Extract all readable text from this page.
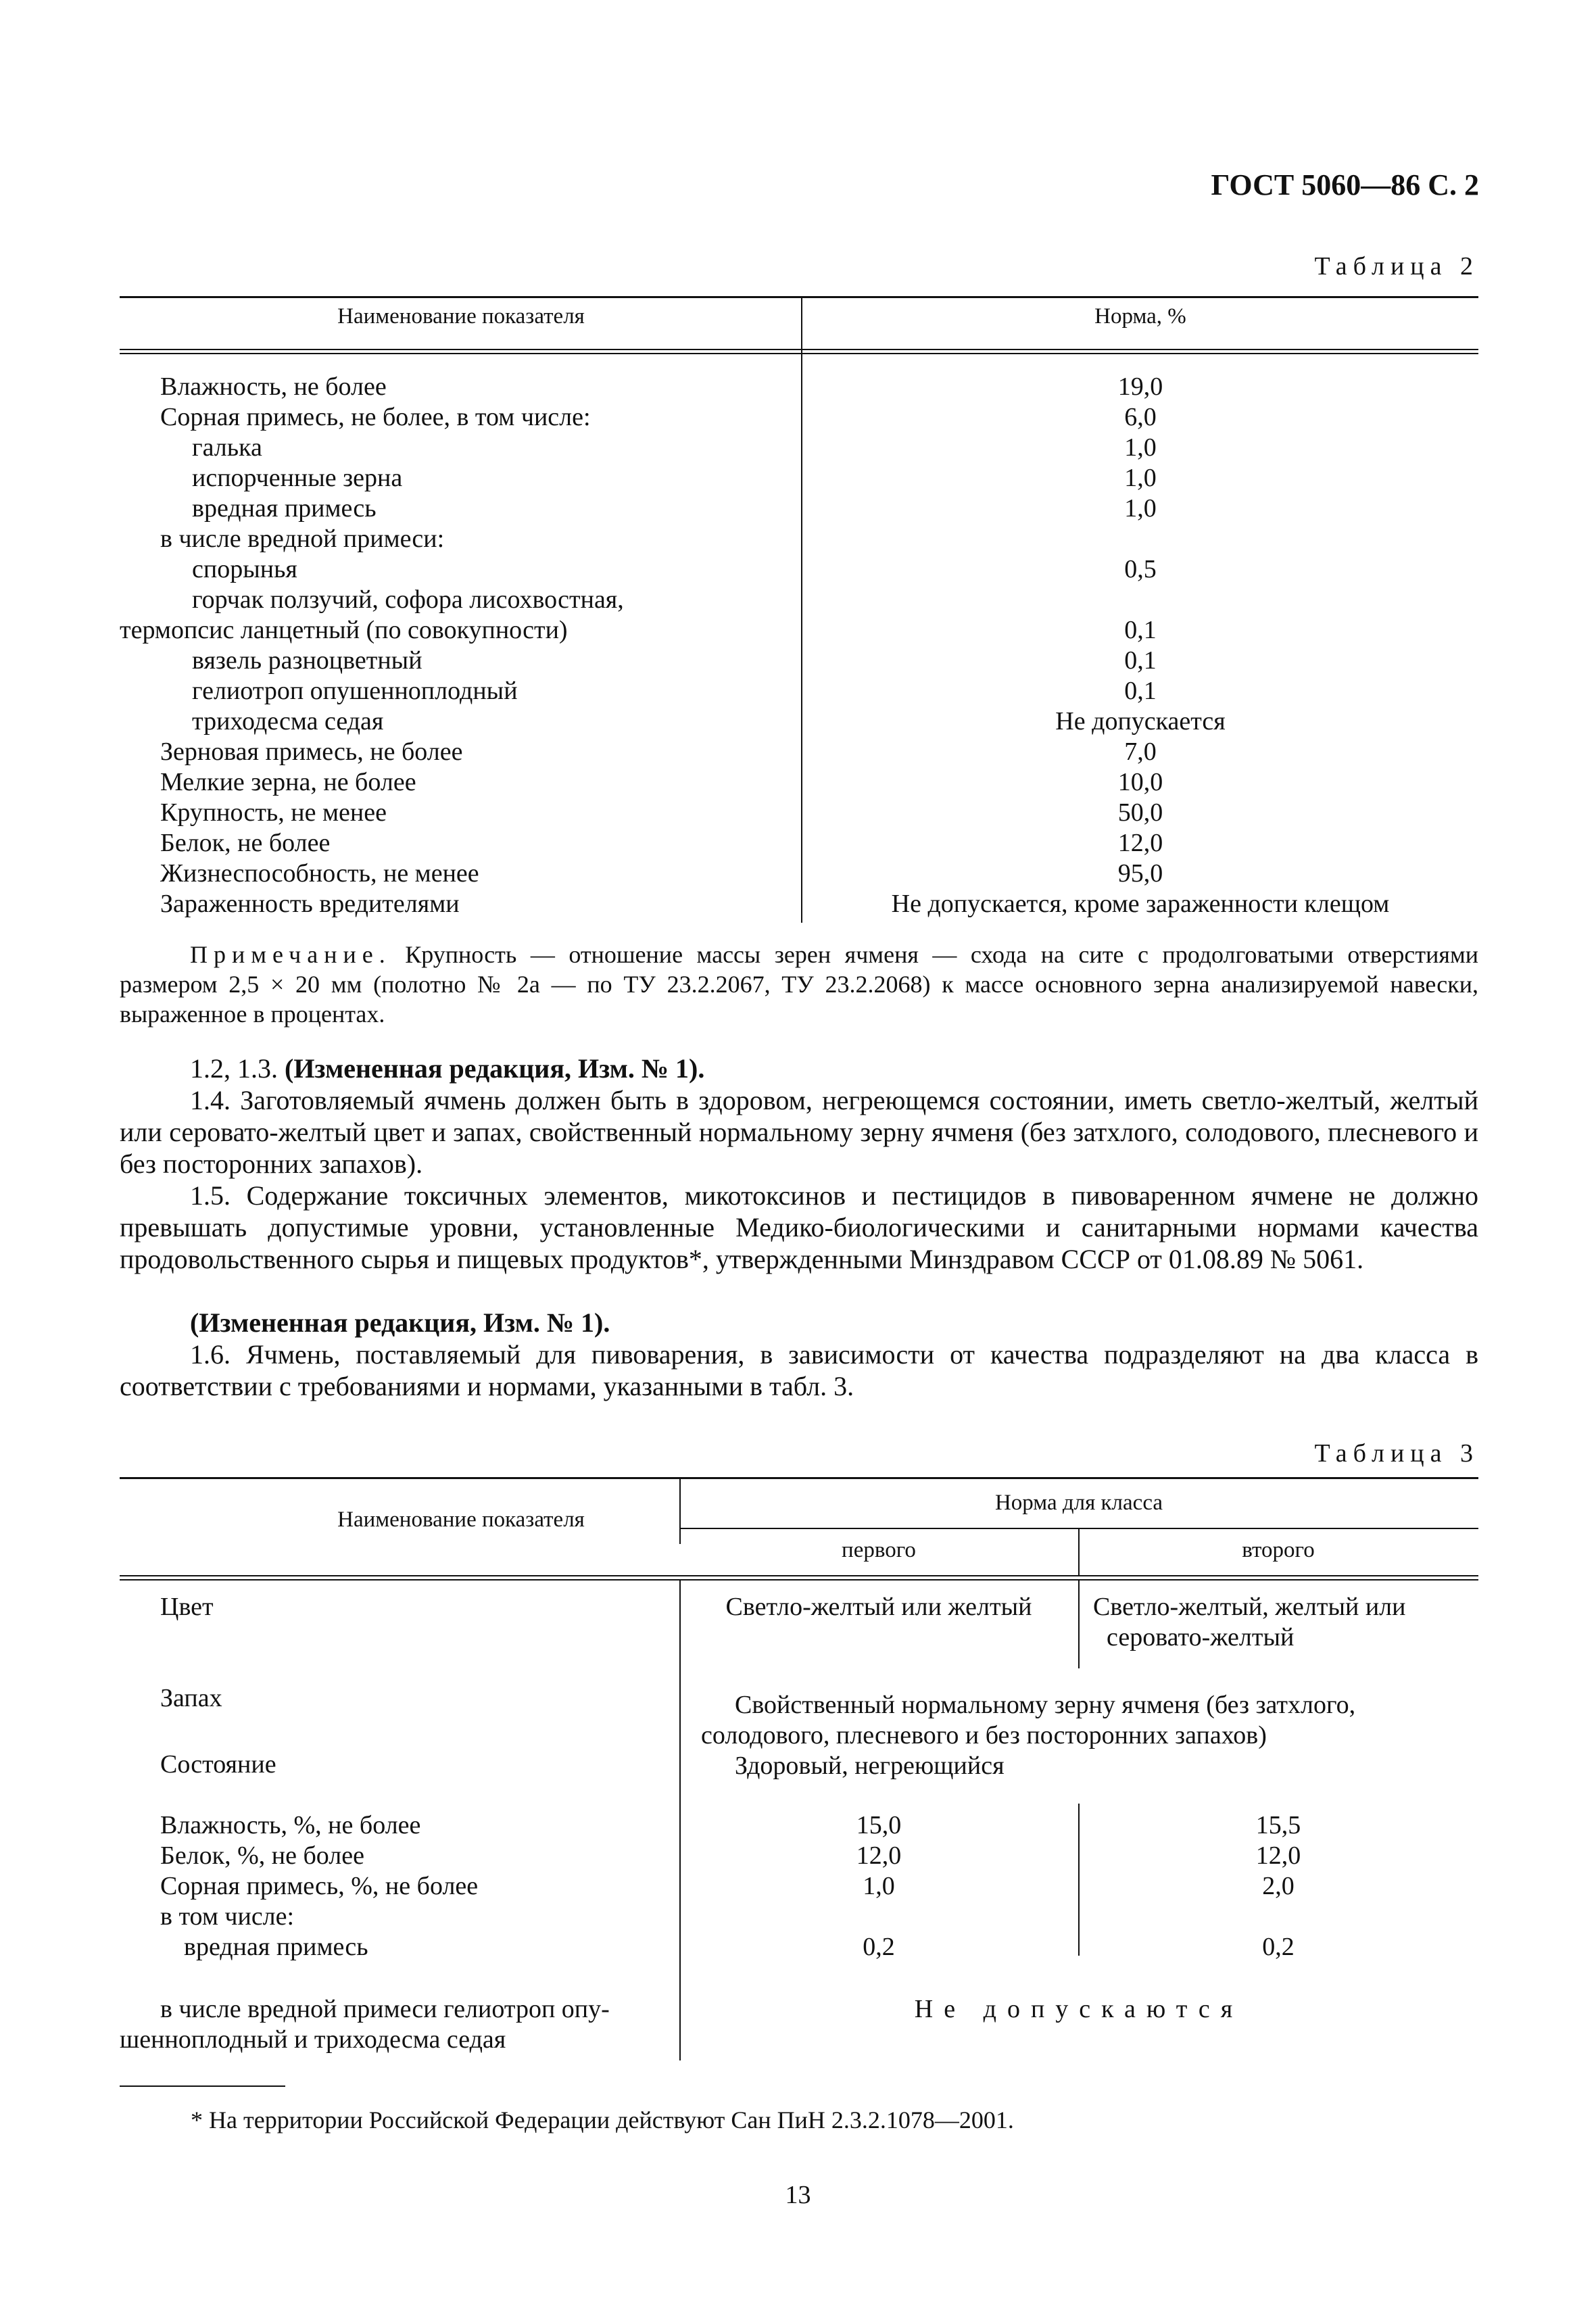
ГОСТ 5060—86 С. 2
Таблица 2
Наименование показателя	Норма, %
Влажность, не более	19,0
Сорная примесь, не более, в том числе:	6,0
галька	1,0
испорченные зерна	1,0
вредная примесь	1,0
в числе вредной примеси:
спорынья	0,5
горчак ползучий, софора лисохвостная,
термопсис ланцетный (по совокупности)	0,1
вязель разноцветный	0,1
гелиотроп опушенноплодный	0,1
триходесма седая	Не допускается
Зерновая примесь, не более	7,0
Мелкие зерна, не более	10,0
Крупность, не менее	50,0
Белок, не более	12,0
Жизнеспособность, не менее	95,0
Зараженность вредителями	Не допускается, кроме зараженности клещом
Примечание. Крупность — отношение массы зерен ячменя — схода на сите с продолговатыми отверстиями размером 2,5 × 20 мм (полотно № 2а — по ТУ 23.2.2067, ТУ 23.2.2068) к массе основного зерна анализируемой навески, выраженное в процентах.
1.2, 1.3. (Измененная редакция, Изм. № 1).
1.4. Заготовляемый ячмень должен быть в здоровом, негреющемся состоянии, иметь светло-желтый, желтый или серовато-желтый цвет и запах, свойственный нормальному зерну ячменя (без затхлого, солодового, плесневого и без посторонних запахов).
1.5. Содержание токсичных элементов, микотоксинов и пестицидов в пивоваренном ячмене не должно превышать допустимые уровни, установленные Медико-биологическими и санитарными нормами качества продовольственного сырья и пищевых продуктов*, утвержденными Минздравом СССР от 01.08.89 № 5061.
(Измененная редакция, Изм. № 1).
1.6. Ячмень, поставляемый для пивоварения, в зависимости от качества подразделяют на два класса в соответствии с требованиями и нормами, указанными в табл. 3.
Таблица 3
Наименование показателя
Норма для класса
первого	второго
Цвет	Светло-желтый или желтый	Светло-желтый, желтый или
серовато-желтый
Запах	Свойственный нормальному зерну ячменя (без затхлого,
солодового, плесневого и без посторонних запахов)
Состояние	Здоровый, негреющийся
Влажность, %, не более	15,0	15,5
Белок, %, не более	12,0	12,0
Сорная примесь, %, не более	1,0	2,0
в том числе:
вредная примесь	0,2	0,2
в числе вредной примеси гелиотроп опу-
шенноплодный и триходесма седая
Не допускаются
* На территории Российской Федерации действуют Сан ПиН 2.3.2.1078—2001.
13
